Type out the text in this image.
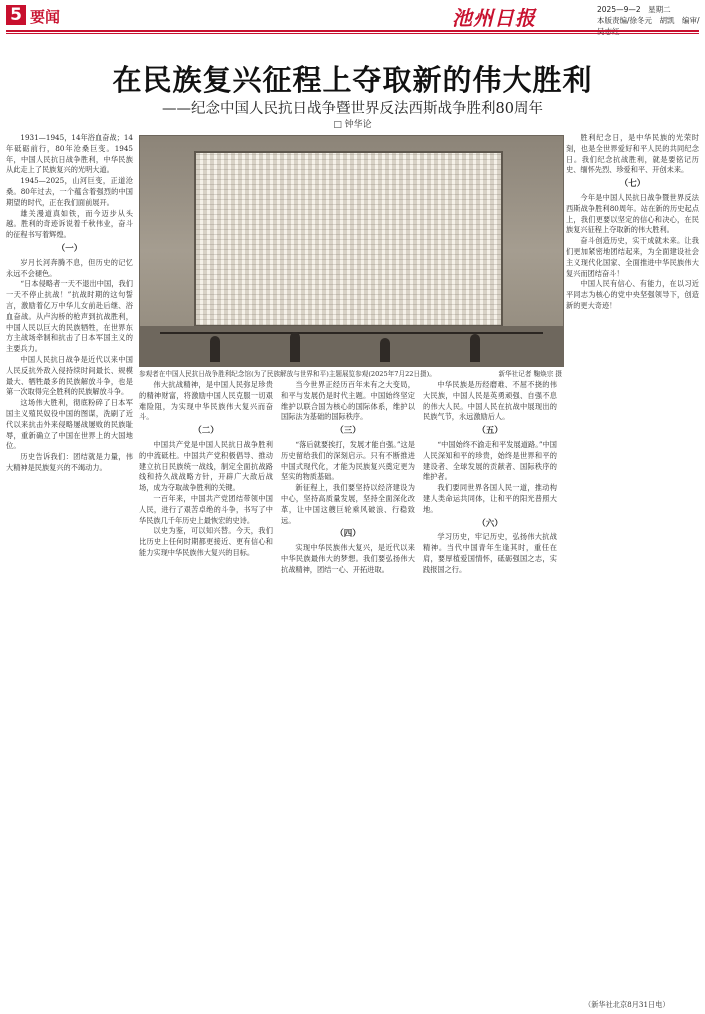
5 要闻	池州日报	2025—9—2　星期二
本版责编/徐冬元　胡凯　编审/
在民族复兴征程上夺取新的伟大胜利
——纪念中国人民抗日战争暨世界反法西斯战争胜利80周年
□ 钟华论

1931—1945，14年浴血奋战；14年砥砺前行，80年沧桑巨变。1945年，中国人民抗日战争胜利，中华民族从此走上了民族复兴的光明大道。

1945—2025，山河巨变，正道沧桑。80年过去，一个蕴含着强烈的中国期望的时代，正在我们面前展开。

雄关漫道真如铁，而今迈步从头越。胜利的奇迹诉说着千秋伟业，奋斗的征程书写着辉煌。

（一）

岁月长河奔腾不息，但历史的记忆永远不会褪色。

“日本侵略者一天不退出中国，我们一天不停止抗战！”抗战时期的这句誓言，激励着亿万中华儿女前赴后继、浴血奋战。从卢沟桥的枪声到抗战胜利，中国人民以巨大的民族牺牲，在世界东方主战场牵制和抗击了日本军国主义的主要兵力。

中国人民抗日战争是近代以来中国人民反抗外敌入侵持续时间最长、规模最大、牺牲最多的民族解放斗争，也是第一次取得完全胜利的民族解放斗争。

这场伟大胜利，彻底粉碎了日本军国主义殖民奴役中国的图谋，洗刷了近代以来抗击外来侵略屡战屡败的民族耻辱，重新确立了中国在世界上的大国地位。

历史告诉我们：团结就是力量，伟大精神是民族复兴的不竭动力。

伟大抗战精神，是中国人民弥足珍贵的精神财富，将激励中国人民克服一切艰难险阻，为实现中华民族伟大复兴而奋斗。

（二）

中国共产党是中国人民抗日战争胜利的中流砥柱。中国共产党积极倡导、推动建立抗日民族统一战线，制定全面抗战路线和持久战战略方针，开辟广大敌后战场，成为夺取战争胜利的关键。

一百年来，中国共产党团结带领中国人民，进行了艰苦卓绝的斗争，书写了中华民族几千年历史上最恢宏的史诗。

以史为鉴，可以知兴替。今天，我们比历史上任何时期都更接近、更有信心和能力实现中华民族伟大复兴的目标。

当今世界正经历百年未有之大变局，和平与发展仍是时代主题。中国始终坚定维护以联合国为核心的国际体系，维护以国际法为基础的国际秩序。

（三）

“落后就要挨打，发展才能自强。”这是历史留给我们的深刻启示。只有不断推进中国式现代化，才能为民族复兴奠定更为坚实的物质基础。

新征程上，我们要坚持以经济建设为中心，坚持高质量发展，坚持全面深化改革，让中国这艘巨轮乘风破浪、行稳致远。

（四）

实现中华民族伟大复兴，是近代以来中华民族最伟大的梦想。我们要弘扬伟大抗战精神，团结一心、开拓进取。

中华民族是历经磨难、不屈不挠的伟大民族，中国人民是英勇顽强、自强不息的伟大人民。中国人民在抗战中展现出的民族气节，永远激励后人。

（五）

“中国始终不渝走和平发展道路。”中国人民深知和平的珍贵，始终是世界和平的建设者、全球发展的贡献者、国际秩序的维护者。

我们要同世界各国人民一道，推动构建人类命运共同体，让和平的阳光普照大地。

（六）

学习历史，牢记历史，弘扬伟大抗战精神。当代中国青年生逢其时，重任在肩，要厚植爱国情怀，砥砺强国之志，实践报国之行。

胜利纪念日，是中华民族的光荣时刻，也是全世界爱好和平人民的共同纪念日。我们纪念抗战胜利，就是要铭记历史、缅怀先烈、珍爱和平、开创未来。

（七）

今年是中国人民抗日战争暨世界反法西斯战争胜利80周年。站在新的历史起点上，我们更要以坚定的信心和决心，在民族复兴征程上夺取新的伟大胜利。

奋斗创造历史，实干成就未来。让我们更加紧密地团结起来，为全面建设社会主义现代化国家、全面推进中华民族伟大复兴而团结奋斗！

中国人民有信心、有能力，在以习近平同志为核心的党中央坚强领导下，创造新的更大奇迹！

参观者在中国人民抗日战争胜利纪念馆(为了民族解放与世界和平)主题展览参观(2025年7月22日摄)。	新华社记者 鞠焕宗 摄
（新华社北京8月31日电）
